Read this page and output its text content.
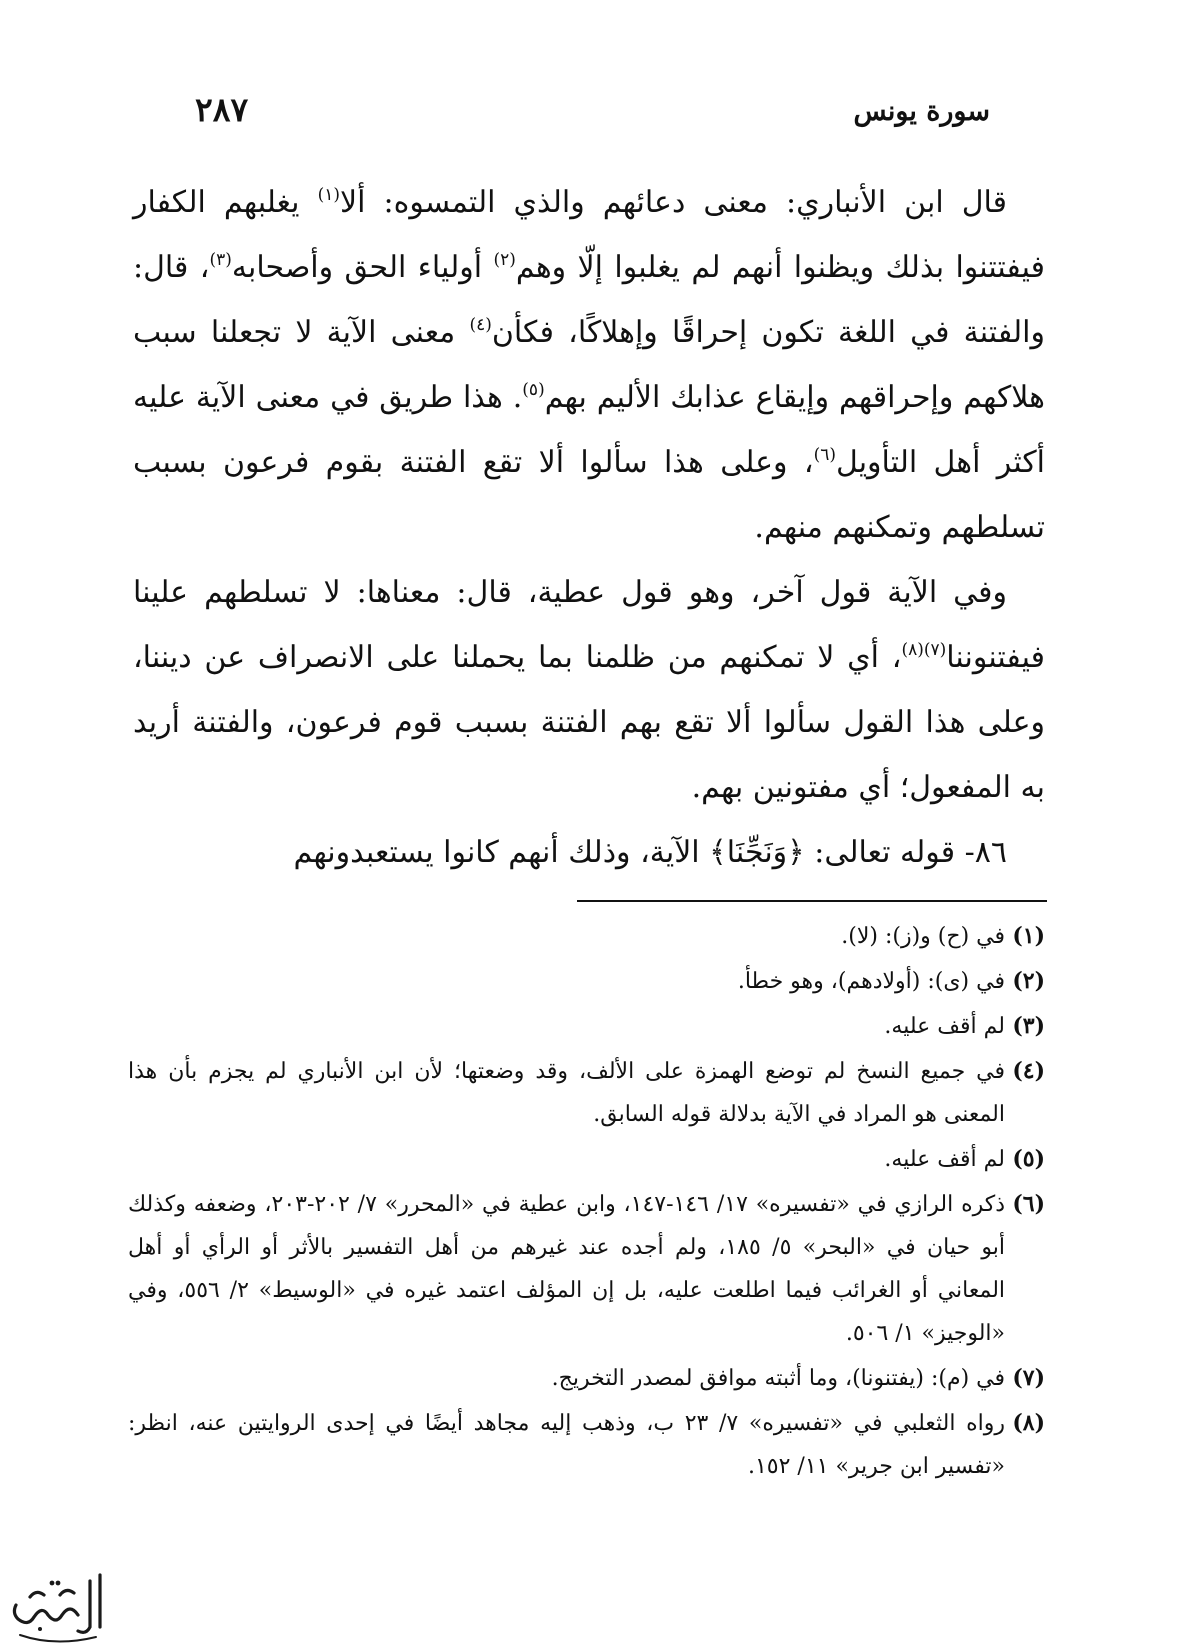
سورة يونس
٢٨٧

قال ابن الأنباري: معنى دعائهم والذي التمسوه: ألا$^{(١)}$ يغلبهم الكفار فيفتتنوا بذلك ويظنوا أنهم لم يغلبوا إلّا وهم$^{(٢)}$ أولياء الحق وأصحابه$^{(٣)}$، قال: والفتنة في اللغة تكون إحراقًا وإهلاكًا، فكأن$^{(٤)}$ معنى الآية لا تجعلنا سبب هلاكهم وإحراقهم وإيقاع عذابك الأليم بهم$^{(٥)}$. هذا طريق في معنى الآية عليه أكثر أهل التأويل$^{(٦)}$، وعلى هذا سألوا ألا تقع الفتنة بقوم فرعون بسبب تسلطهم وتمكنهم منهم.

وفي الآية قول آخر، وهو قول عطية، قال: معناها: لا تسلطهم علينا فيفتنوننا$^{(٧)(٨)}$، أي لا تمكنهم من ظلمنا بما يحملنا على الانصراف عن ديننا، وعلى هذا القول سألوا ألا تقع بهم الفتنة بسبب قوم فرعون، والفتنة أريد به المفعول؛ أي مفتونين بهم.

٨٦- قوله تعالى: ﴿وَنَجِّنَا﴾ الآية، وذلك أنهم كانوا يستعبدونهم

(١)
في (ح) و(ز): (لا).
(٢)
في (ى): (أولادهم)، وهو خطأ.
(٣)
لم أقف عليه.
(٤)
في جميع النسخ لم توضع الهمزة على الألف، وقد وضعتها؛ لأن ابن الأنباري لم يجزم بأن هذا المعنى هو المراد في الآية بدلالة قوله السابق.
(٥)
لم أقف عليه.
(٦)
ذكره الرازي في «تفسيره» ١٧/ ١٤٦-١٤٧، وابن عطية في «المحرر» ٧/ ٢٠٢-٢٠٣، وضعفه وكذلك أبو حيان في «البحر» ٥/ ١٨٥، ولم أجده عند غيرهم من أهل التفسير بالأثر أو الرأي أو أهل المعاني أو الغرائب فيما اطلعت عليه، بل إن المؤلف اعتمد غيره في «الوسيط» ٢/ ٥٥٦، وفي «الوجيز» ١/ ٥٠٦.
(٧)
في (م): (يفتنونا)، وما أثبته موافق لمصدر التخريج.
(٨)
رواه الثعلبي في «تفسيره» ٧/ ٢٣ ب، وذهب إليه مجاهد أيضًا في إحدى الروايتين عنه، انظر: «تفسير ابن جرير» ١١/ ١٥٢.
